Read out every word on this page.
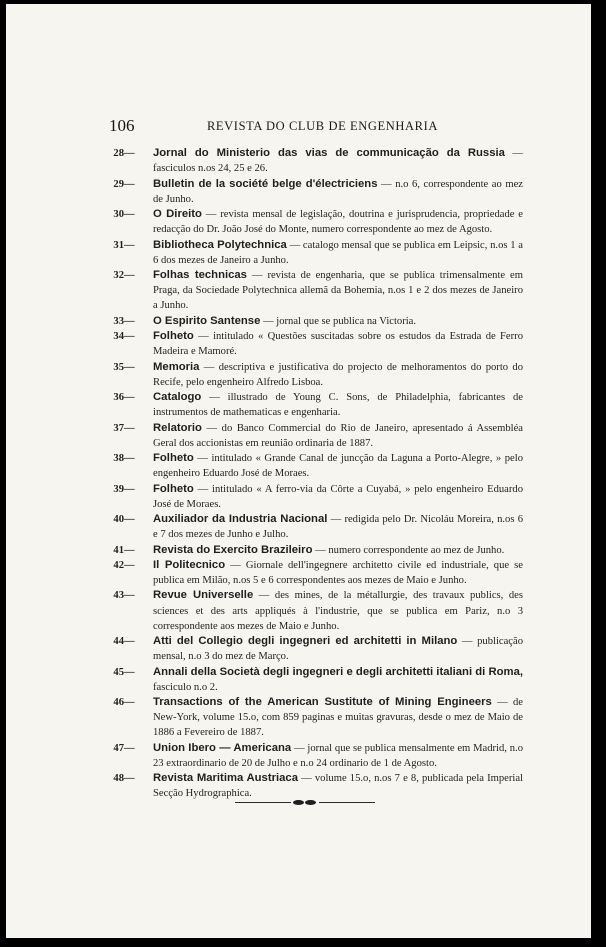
106	REVISTA DO CLUB DE ENGENHARIA
28 — Jornal do Ministerio das vias de communicação da Russia — fasciculos n.os 24, 25 e 26.
29 — Bulletin de la société belge d'électriciens — n.o 6, correspondente ao mez de Junho.
30 — O Direito — revista mensal de legislação, doutrina e jurisprudencia, propriedade e redacção do Dr. João José do Monte, numero correspondente ao mez de Agosto.
31 — Bibliotheca Polytechnica — catalogo mensal que se publica em Leipsic, n.os 1 a 6 dos mezes de Janeiro a Junho.
32 — Folhas technicas — revista de engenharia, que se publica trimensalmente em Praga, da Sociedade Polytechnica allemã da Bohemia, n.os 1 e 2 dos mezes de Janeiro a Junho.
33 — O Espirito Santense — jornal que se publica na Victoria.
34 — Folheto — intitulado « Questões suscitadas sobre os estudos da Estrada de Ferro Madeira e Mamoré.
35 — Memoria — descriptiva e justificativa do projecto de melhoramentos do porto do Recife, pelo engenheiro Alfredo Lisboa.
36 — Catalogo — illustrado de Young C. Sons, de Philadelphia, fabricantes de instrumentos de mathematicas e engenharia.
37 — Relatorio — do Banco Commercial do Rio de Janeiro, apresentado á Assembléa Geral dos accionistas em reunião ordinaria de 1887.
38 — Folheto — intitulado « Grande Canal de juncção da Laguna a Porto-Alegre, » pelo engenheiro Eduardo José de Moraes.
39 — Folheto — intitulado « A ferro-via da Côrte a Cuyabá, » pelo engenheiro Eduardo José de Moraes.
40 — Auxiliador da Industria Nacional — redigida pelo Dr. Nicoláu Moreira, n.os 6 e 7 dos mezes de Junho e Julho.
41 — Revista do Exercito Brazileiro — numero correspondente ao mez de Junho.
42 — Il Politecnico — Giornale dell'ingegnere architetto civile ed industriale, que se publica em Milão, n.os 5 e 6 correspondentes aos mezes de Maio e Junho.
43 — Revue Universelle — des mines, de la métallurgie, des travaux publics, des sciences et des arts appliqués à l'industrie, que se publica em Pariz, n.o 3 correspondente aos mezes de Maio e Junho.
44 — Atti del Collegio degli ingegneri ed architetti in Milano — publicação mensal, n.o 3 do mez de Março.
45 — Annali della Società degli ingegneri e degli architetti italiani di Roma, fasciculo n.o 2.
46 — Transactions of the American Sustitute of Mining Engineers — de New-York, volume 15.o, com 859 paginas e muitas gravuras, desde o mez de Maio de 1886 a Fevereiro de 1887.
47 — Union Ibero — Americana — jornal que se publica mensalmente em Madrid, n.o 23 extraordinario de 20 de Julho e n.o 24 ordinario de 1 de Agosto.
48 — Revista Maritima Austriaca — volume 15.o, n.os 7 e 8, publicada pela Imperial Secção Hydrographica.
